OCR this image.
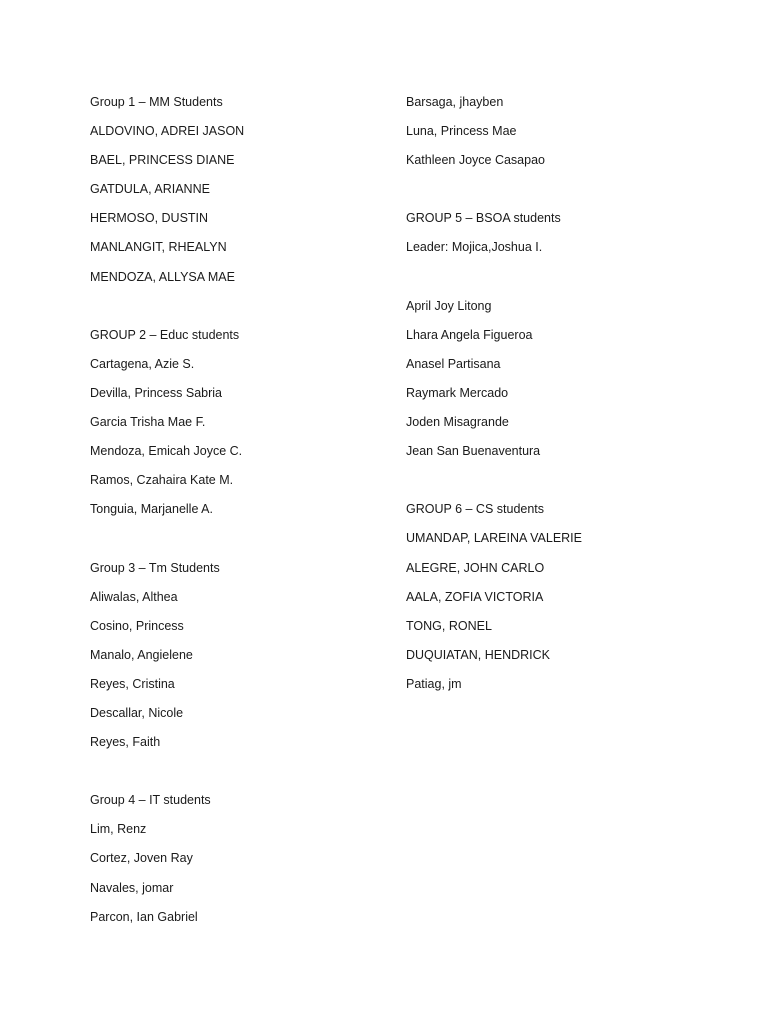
Group 1 – MM Students
ALDOVINO, ADREI JASON
BAEL, PRINCESS DIANE
GATDULA, ARIANNE
HERMOSO, DUSTIN
MANLANGIT, RHEALYN
MENDOZA, ALLYSA MAE
GROUP 2 – Educ students
Cartagena, Azie S.
Devilla, Princess Sabria
Garcia Trisha Mae F.
Mendoza, Emicah Joyce C.
Ramos, Czahaira Kate M.
Tonguia, Marjanelle A.
Group 3 – Tm Students
Aliwalas, Althea
Cosino, Princess
Manalo, Angielene
Reyes, Cristina
Descallar, Nicole
Reyes, Faith
Group 4 – IT students
Lim, Renz
Cortez, Joven Ray
Navales, jomar
Parcon, Ian Gabriel
Barsaga, jhayben
Luna, Princess Mae
Kathleen Joyce Casapao
GROUP 5 – BSOA students
Leader: Mojica,Joshua I.
April Joy Litong
Lhara Angela Figueroa
Anasel Partisana
Raymark Mercado
Joden Misagrande
Jean San Buenaventura
GROUP 6 – CS students
UMANDAP, LAREINA VALERIE
ALEGRE, JOHN CARLO
AALA, ZOFIA VICTORIA
TONG, RONEL
DUQUIATAN, HENDRICK
Patiag, jm
